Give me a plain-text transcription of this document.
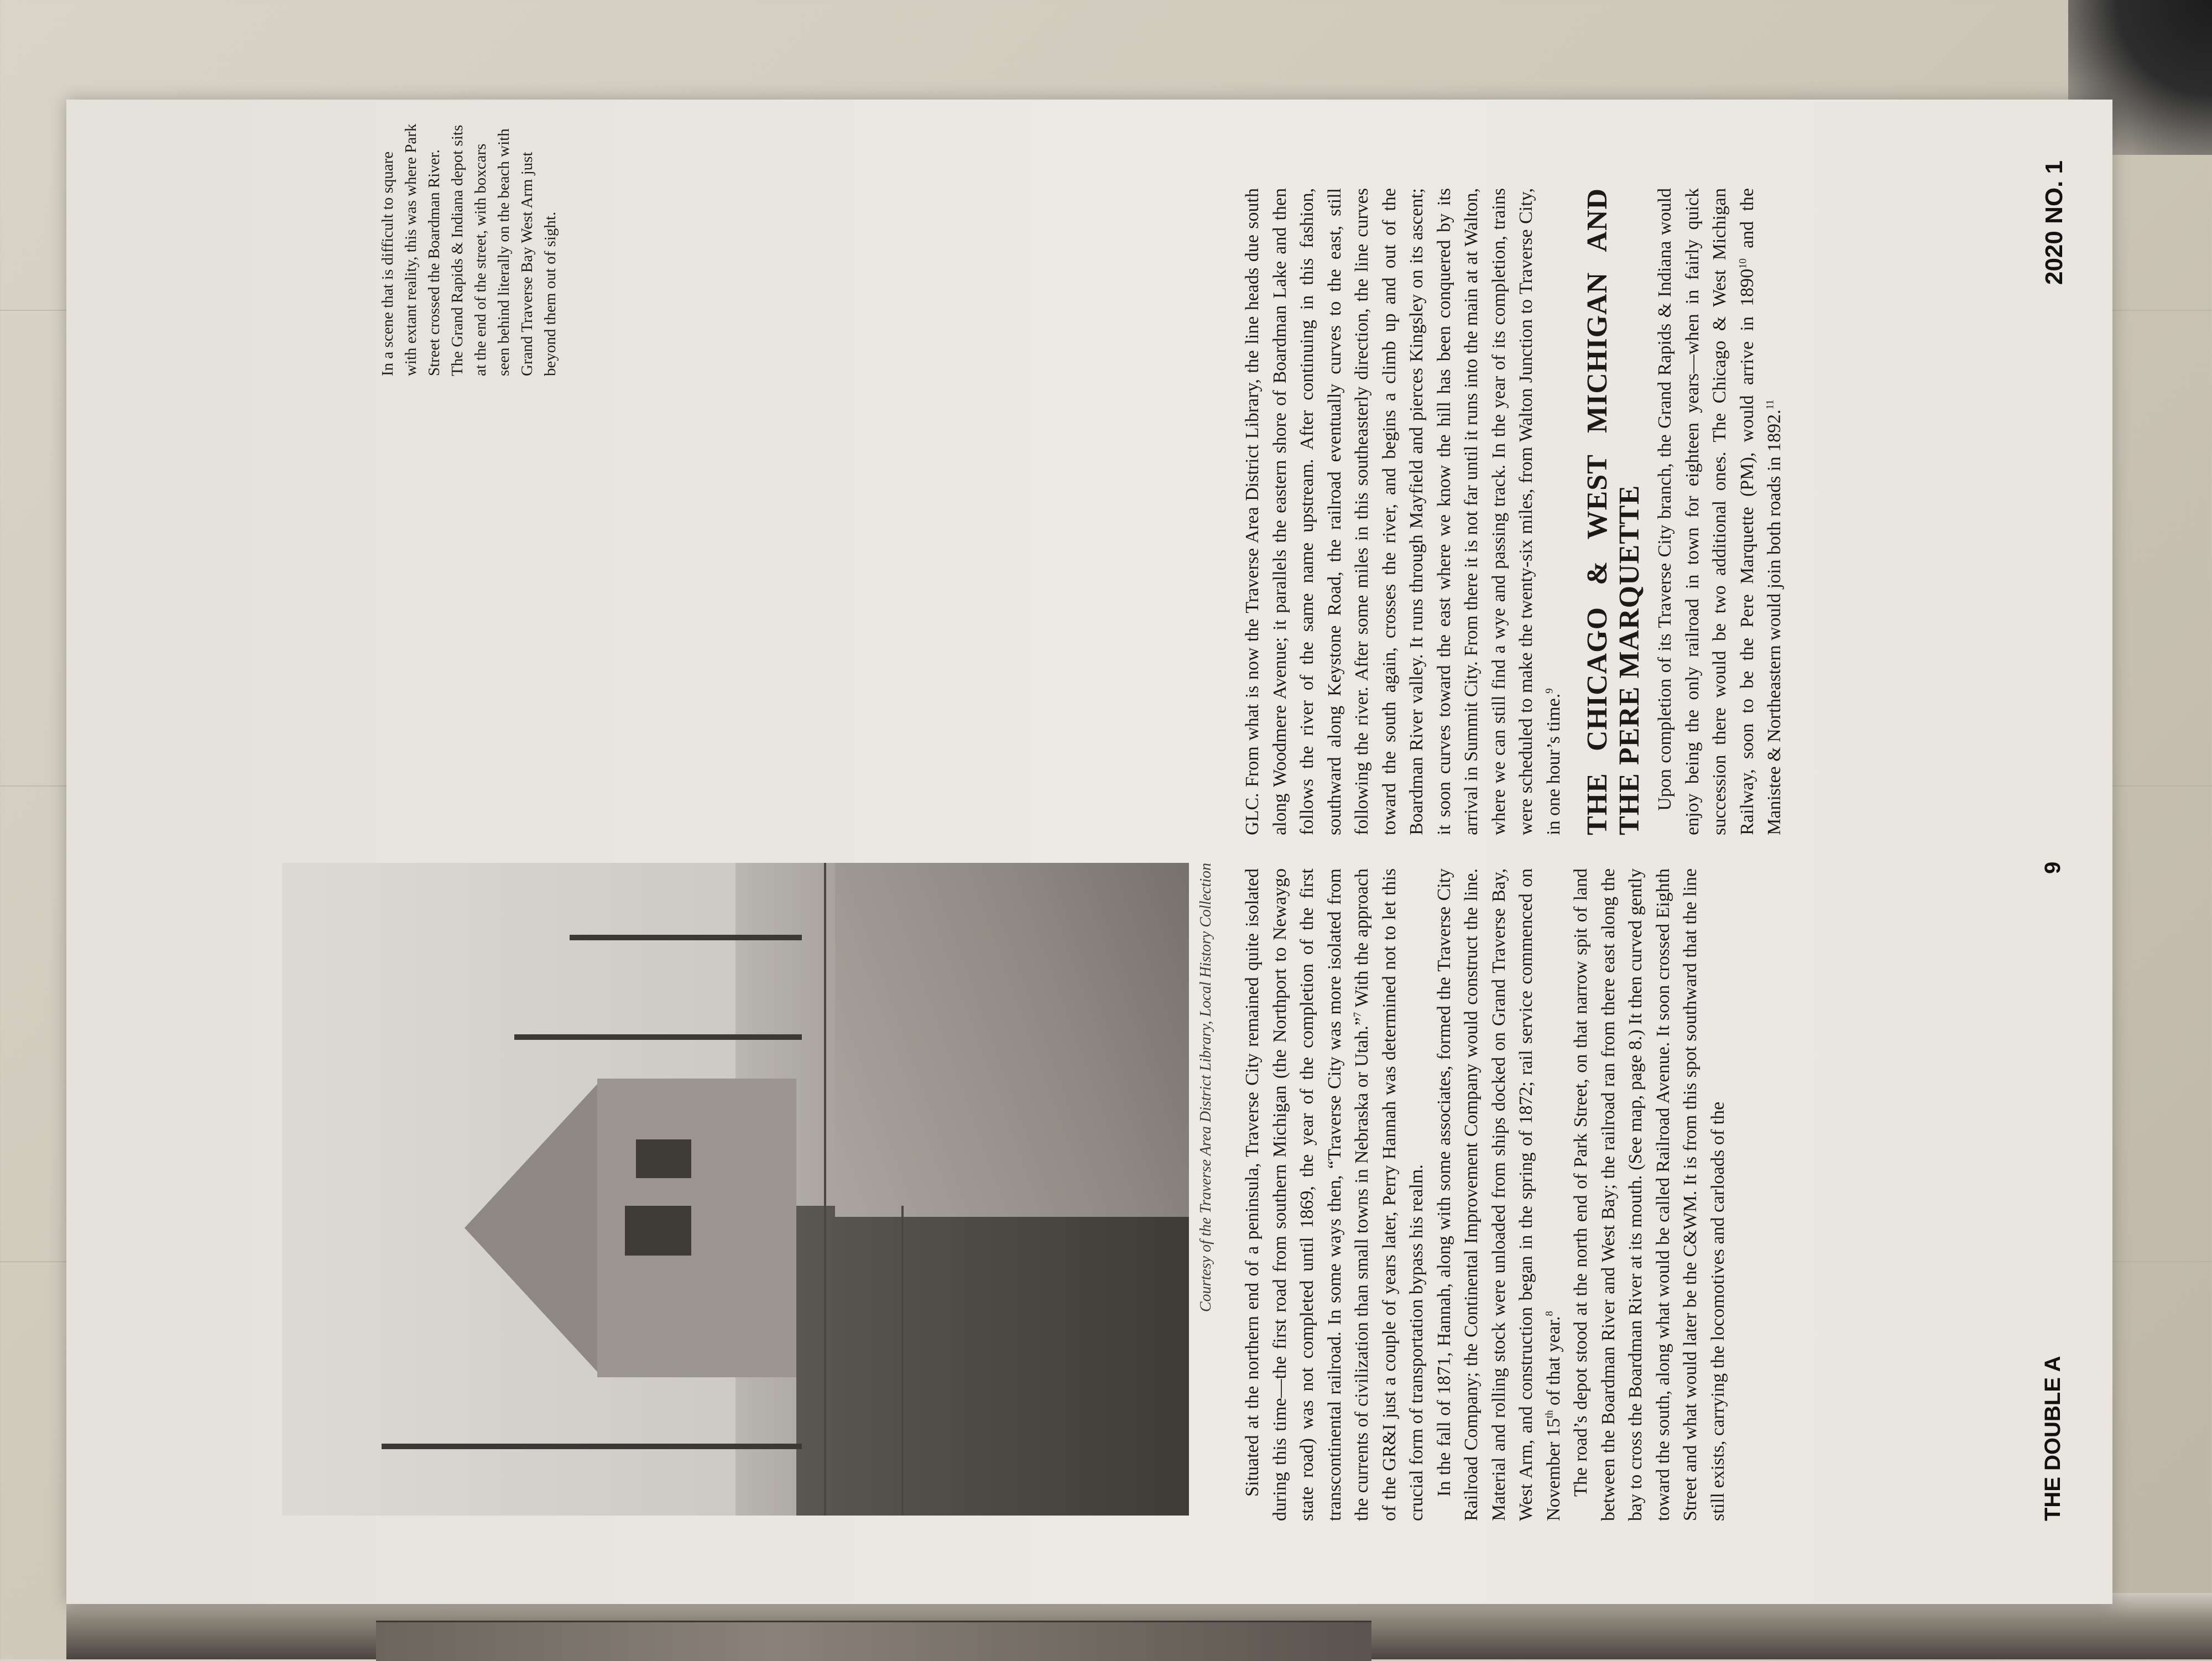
Courtesy of the Traverse Area District Library, Local History Collection Situated at the northern end of a peninsula, Traverse City remained quite isolated during this time—the first road from southern Michigan (the Northport to Newaygo state road) was not completed until 1869, the year of the completion of the first transcontinental railroad. In some ways then, “Traverse City was more isolated from the currents of civilization than small towns in Nebraska or Utah.”$^7$ With the approach of the GR&I just a couple of years later, Perry Hannah was determined not to let this crucial form of transportation bypass his realm. In the fall of 1871, Hannah, along with some associates, formed the Traverse City Railroad Company; the Continental Improvement Company would construct the line. Material and rolling stock were unloaded from ships docked on Grand Traverse Bay, West Arm, and construction began in the spring of 1872; rail service commenced on November 15th of that year.$^8$ The road’s depot stood at the north end of Park Street, on that narrow spit of land between the Boardman River and West Bay; the railroad ran from there east along the bay to cross the Boardman River at its mouth. (See map, page 8.) It then curved gently toward the south, along what would be called Railroad Avenue. It soon crossed Eighth Street and what would later be the C&WM. It is from this spot southward that the line still exists, carrying the locomotives and carloads of the

GLC. From what is now the Traverse Area District Library, the line heads due south along Woodmere Avenue; it parallels the eastern shore of Boardman Lake and then follows the river of the same name upstream. After continuing in this fashion, southward along Keystone Road, the railroad eventually curves to the east, still following the river. After some miles in this southeasterly direction, the line curves toward the south again, crosses the river, and begins a climb up and out of the Boardman River valley. It runs through Mayfield and pierces Kingsley on its ascent; it soon curves toward the east where we know the hill has been conquered by its arrival in Summit City. From there it is not far until it runs into the main at at Walton, where we can still find a wye and passing track. In the year of its completion, trains were scheduled to make the twenty-six miles, from Walton Junction to Traverse City, in one hour’s time.$^9$ THE CHICAGO & WEST MICHIGAN AND THE PERE MARQUETTE Upon completion of its Traverse City branch, the Grand Rapids & Indiana would enjoy being the only railroad in town for eighteen years—when in fairly quick succession there would be two additional ones. The Chicago & West Michigan Railway, soon to be the Pere Marquette (PM), would arrive in 1890$^{10}$ and the Manistee & Northeastern would join both roads in 1892.11

THE DOUBLE A
9
2020 NO. 1
In a scene that is difficult to square with extant reality, this was where Park Street crossed the Boardman River. The Grand Rapids & Indiana depot sits at the end of the street, with boxcars seen behind literally on the beach with Grand Traverse Bay West Arm just beyond them out of sight.
